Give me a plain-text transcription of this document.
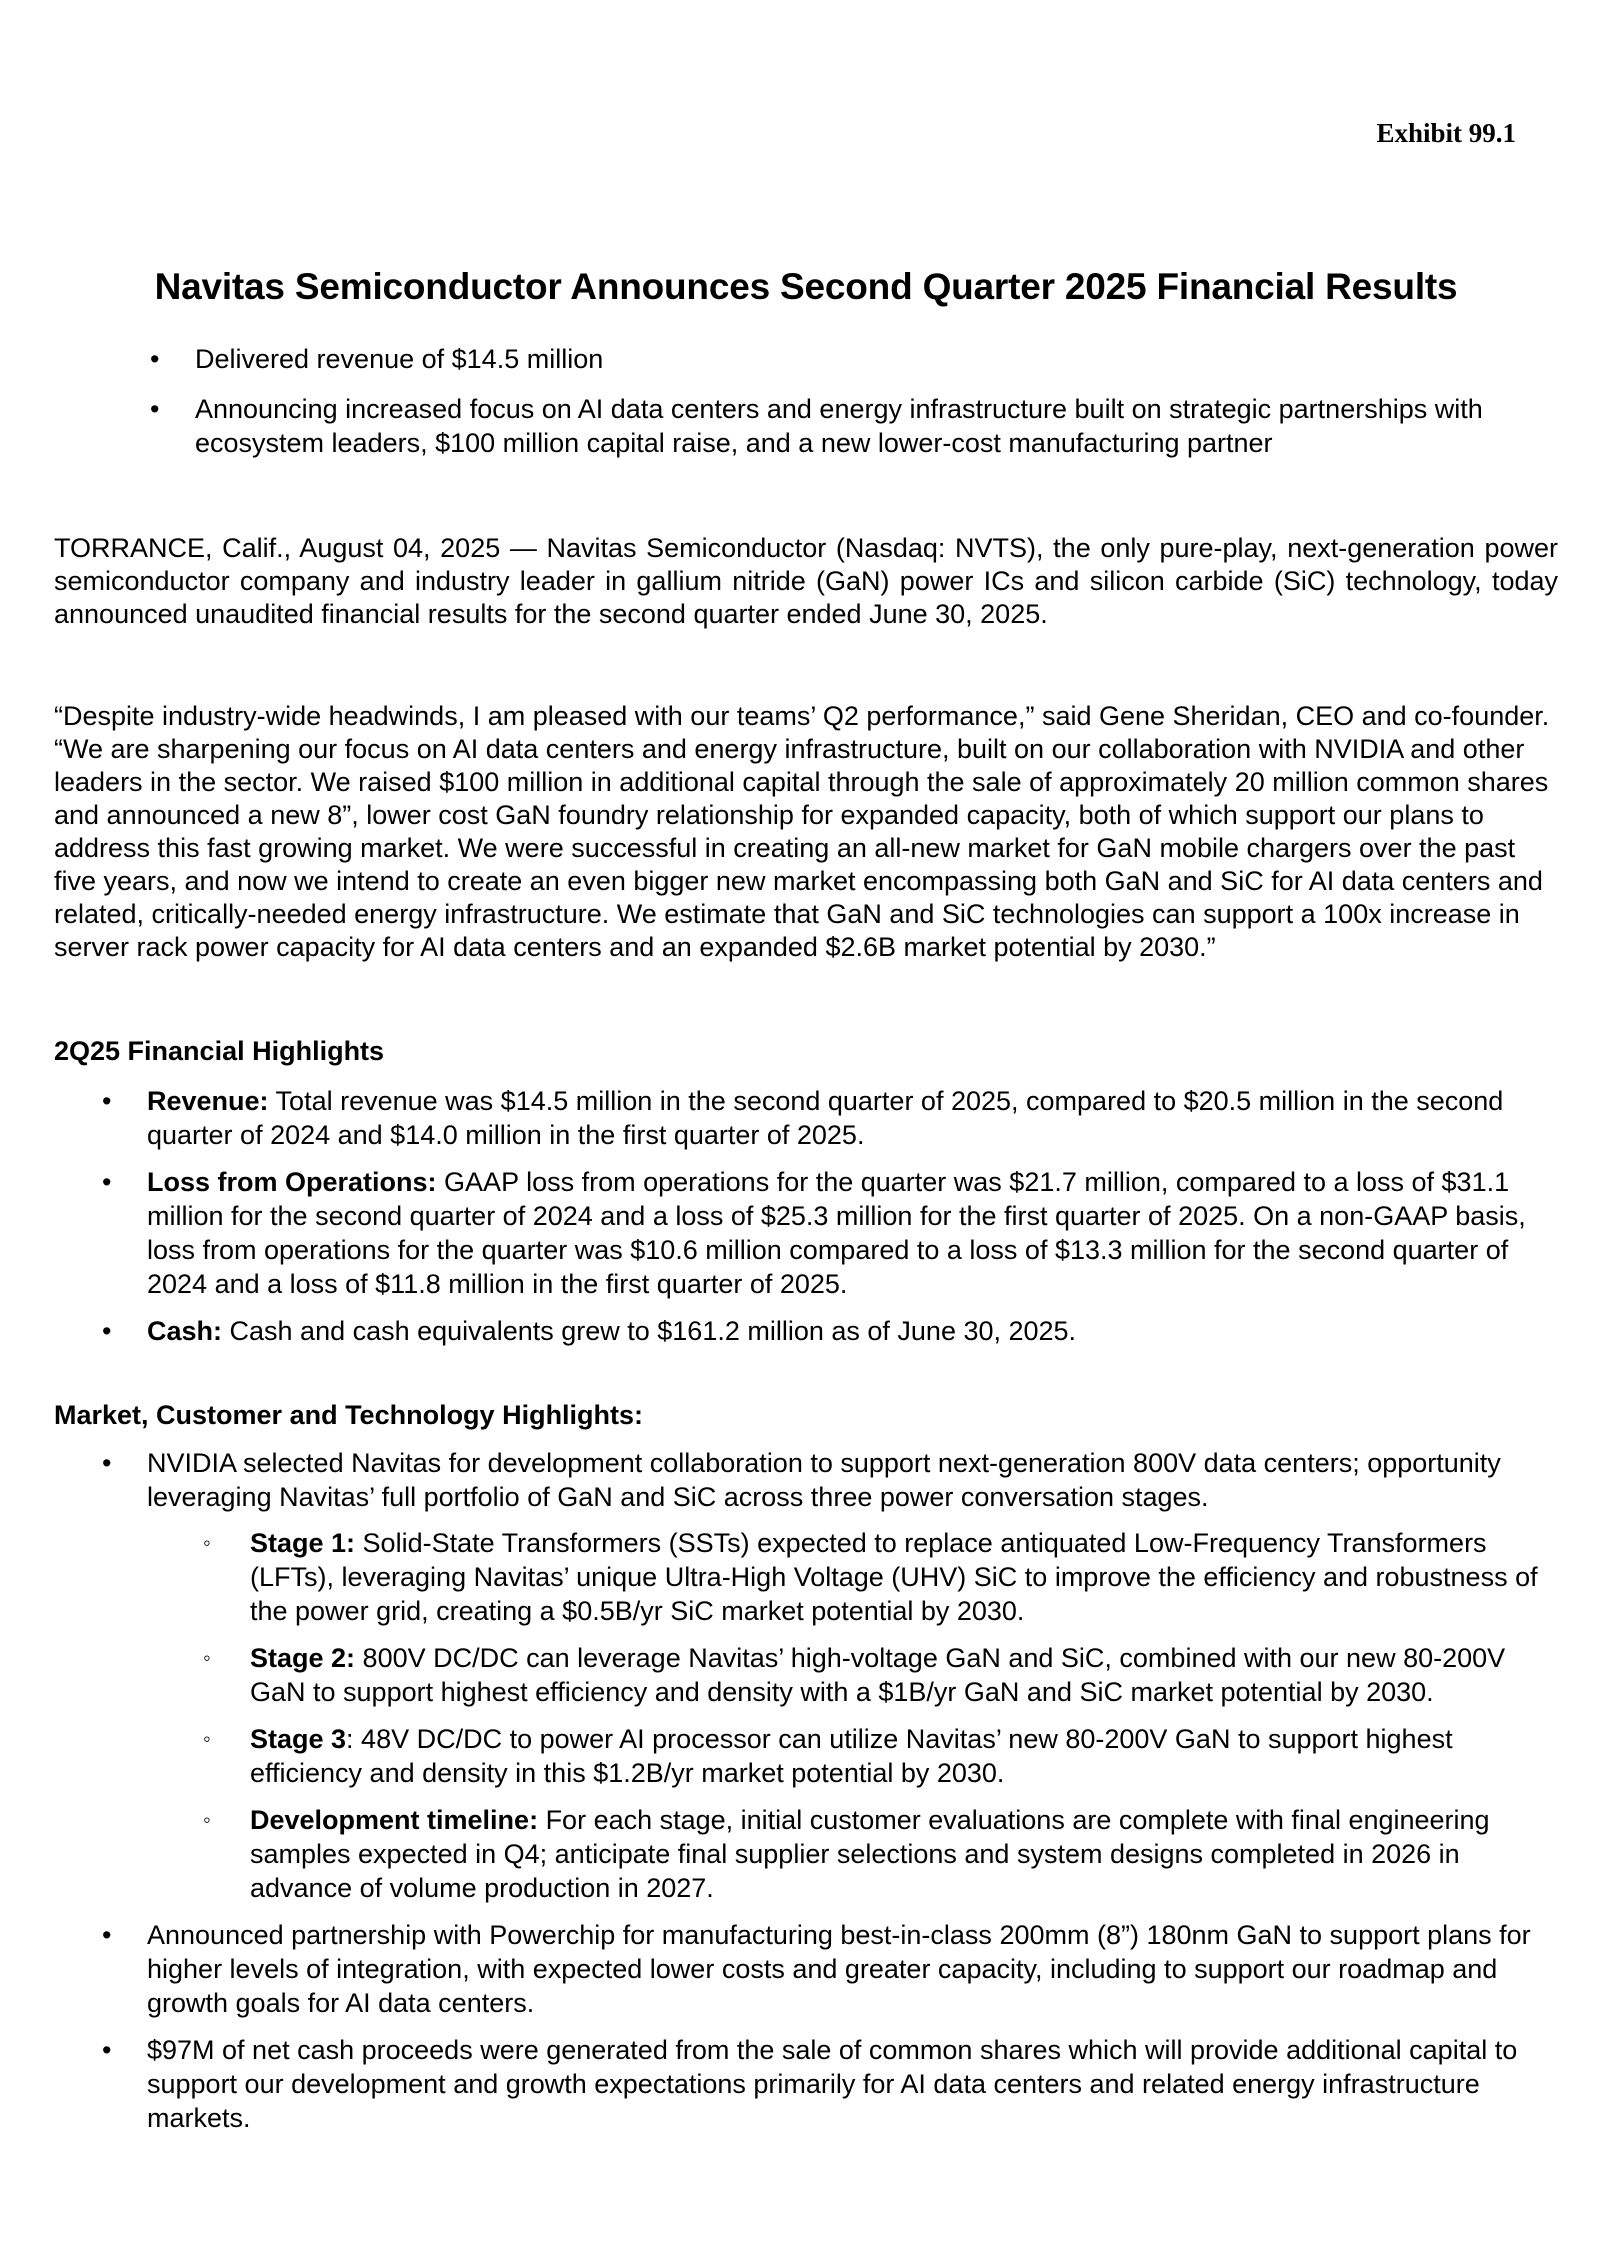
Exhibit 99.1
Navitas Semiconductor Announces Second Quarter 2025 Financial Results
• Delivered revenue of $14.5 million
• Announcing increased focus on AI data centers and energy infrastructure built on strategic partnerships with ecosystem leaders, $100 million capital raise, and a new lower-cost manufacturing partner

TORRANCE, Calif., August 04, 2025 — Navitas Semiconductor (Nasdaq: NVTS), the only pure-play, next-generation power semiconductor company and industry leader in gallium nitride (GaN) power ICs and silicon carbide (SiC) technology, today announced unaudited financial results for the second quarter ended June 30, 2025.

“Despite industry-wide headwinds, I am pleased with our teams’ Q2 performance,” said Gene Sheridan, CEO and co-founder. “We are sharpening our focus on AI data centers and energy infrastructure, built on our collaboration with NVIDIA and other leaders in the sector. We raised $100 million in additional capital through the sale of approximately 20 million common shares and announced a new 8”, lower cost GaN foundry relationship for expanded capacity, both of which support our plans to address this fast growing market. We were successful in creating an all-new market for GaN mobile chargers over the past five years, and now we intend to create an even bigger new market encompassing both GaN and SiC for AI data centers and related, critically-needed energy infrastructure. We estimate that GaN and SiC technologies can support a 100x increase in server rack power capacity for AI data centers and an expanded $2.6B market potential by 2030.”

2Q25 Financial Highlights
• Revenue: Total revenue was $14.5 million in the second quarter of 2025, compared to $20.5 million in the second quarter of 2024 and $14.0 million in the first quarter of 2025.
• Loss from Operations: GAAP loss from operations for the quarter was $21.7 million, compared to a loss of $31.1 million for the second quarter of 2024 and a loss of $25.3 million for the first quarter of 2025. On a non-GAAP basis, loss from operations for the quarter was $10.6 million compared to a loss of $13.3 million for the second quarter of 2024 and a loss of $11.8 million in the first quarter of 2025.
• Cash: Cash and cash equivalents grew to $161.2 million as of June 30, 2025.
Market, Customer and Technology Highlights:
• NVIDIA selected Navitas for development collaboration to support next-generation 800V data centers; opportunity leveraging Navitas’ full portfolio of GaN and SiC across three power conversation stages.
◦ Stage 1: Solid-State Transformers (SSTs) expected to replace antiquated Low-Frequency Transformers (LFTs), leveraging Navitas’ unique Ultra-High Voltage (UHV) SiC to improve the efficiency and robustness of the power grid, creating a $0.5B/yr SiC market potential by 2030.
◦ Stage 2: 800V DC/DC can leverage Navitas’ high-voltage GaN and SiC, combined with our new 80-200V GaN to support highest efficiency and density with a $1B/yr GaN and SiC market potential by 2030.
◦ Stage 3: 48V DC/DC to power AI processor can utilize Navitas’ new 80-200V GaN to support highest efficiency and density in this $1.2B/yr market potential by 2030.
◦ Development timeline: For each stage, initial customer evaluations are complete with final engineering samples expected in Q4; anticipate final supplier selections and system designs completed in 2026 in advance of volume production in 2027.
• Announced partnership with Powerchip for manufacturing best-in-class 200mm (8”) 180nm GaN to support plans for higher levels of integration, with expected lower costs and greater capacity, including to support our roadmap and growth goals for AI data centers.
• $97M of net cash proceeds were generated from the sale of common shares which will provide additional capital to support our development and growth expectations primarily for AI data centers and related energy infrastructure markets.
